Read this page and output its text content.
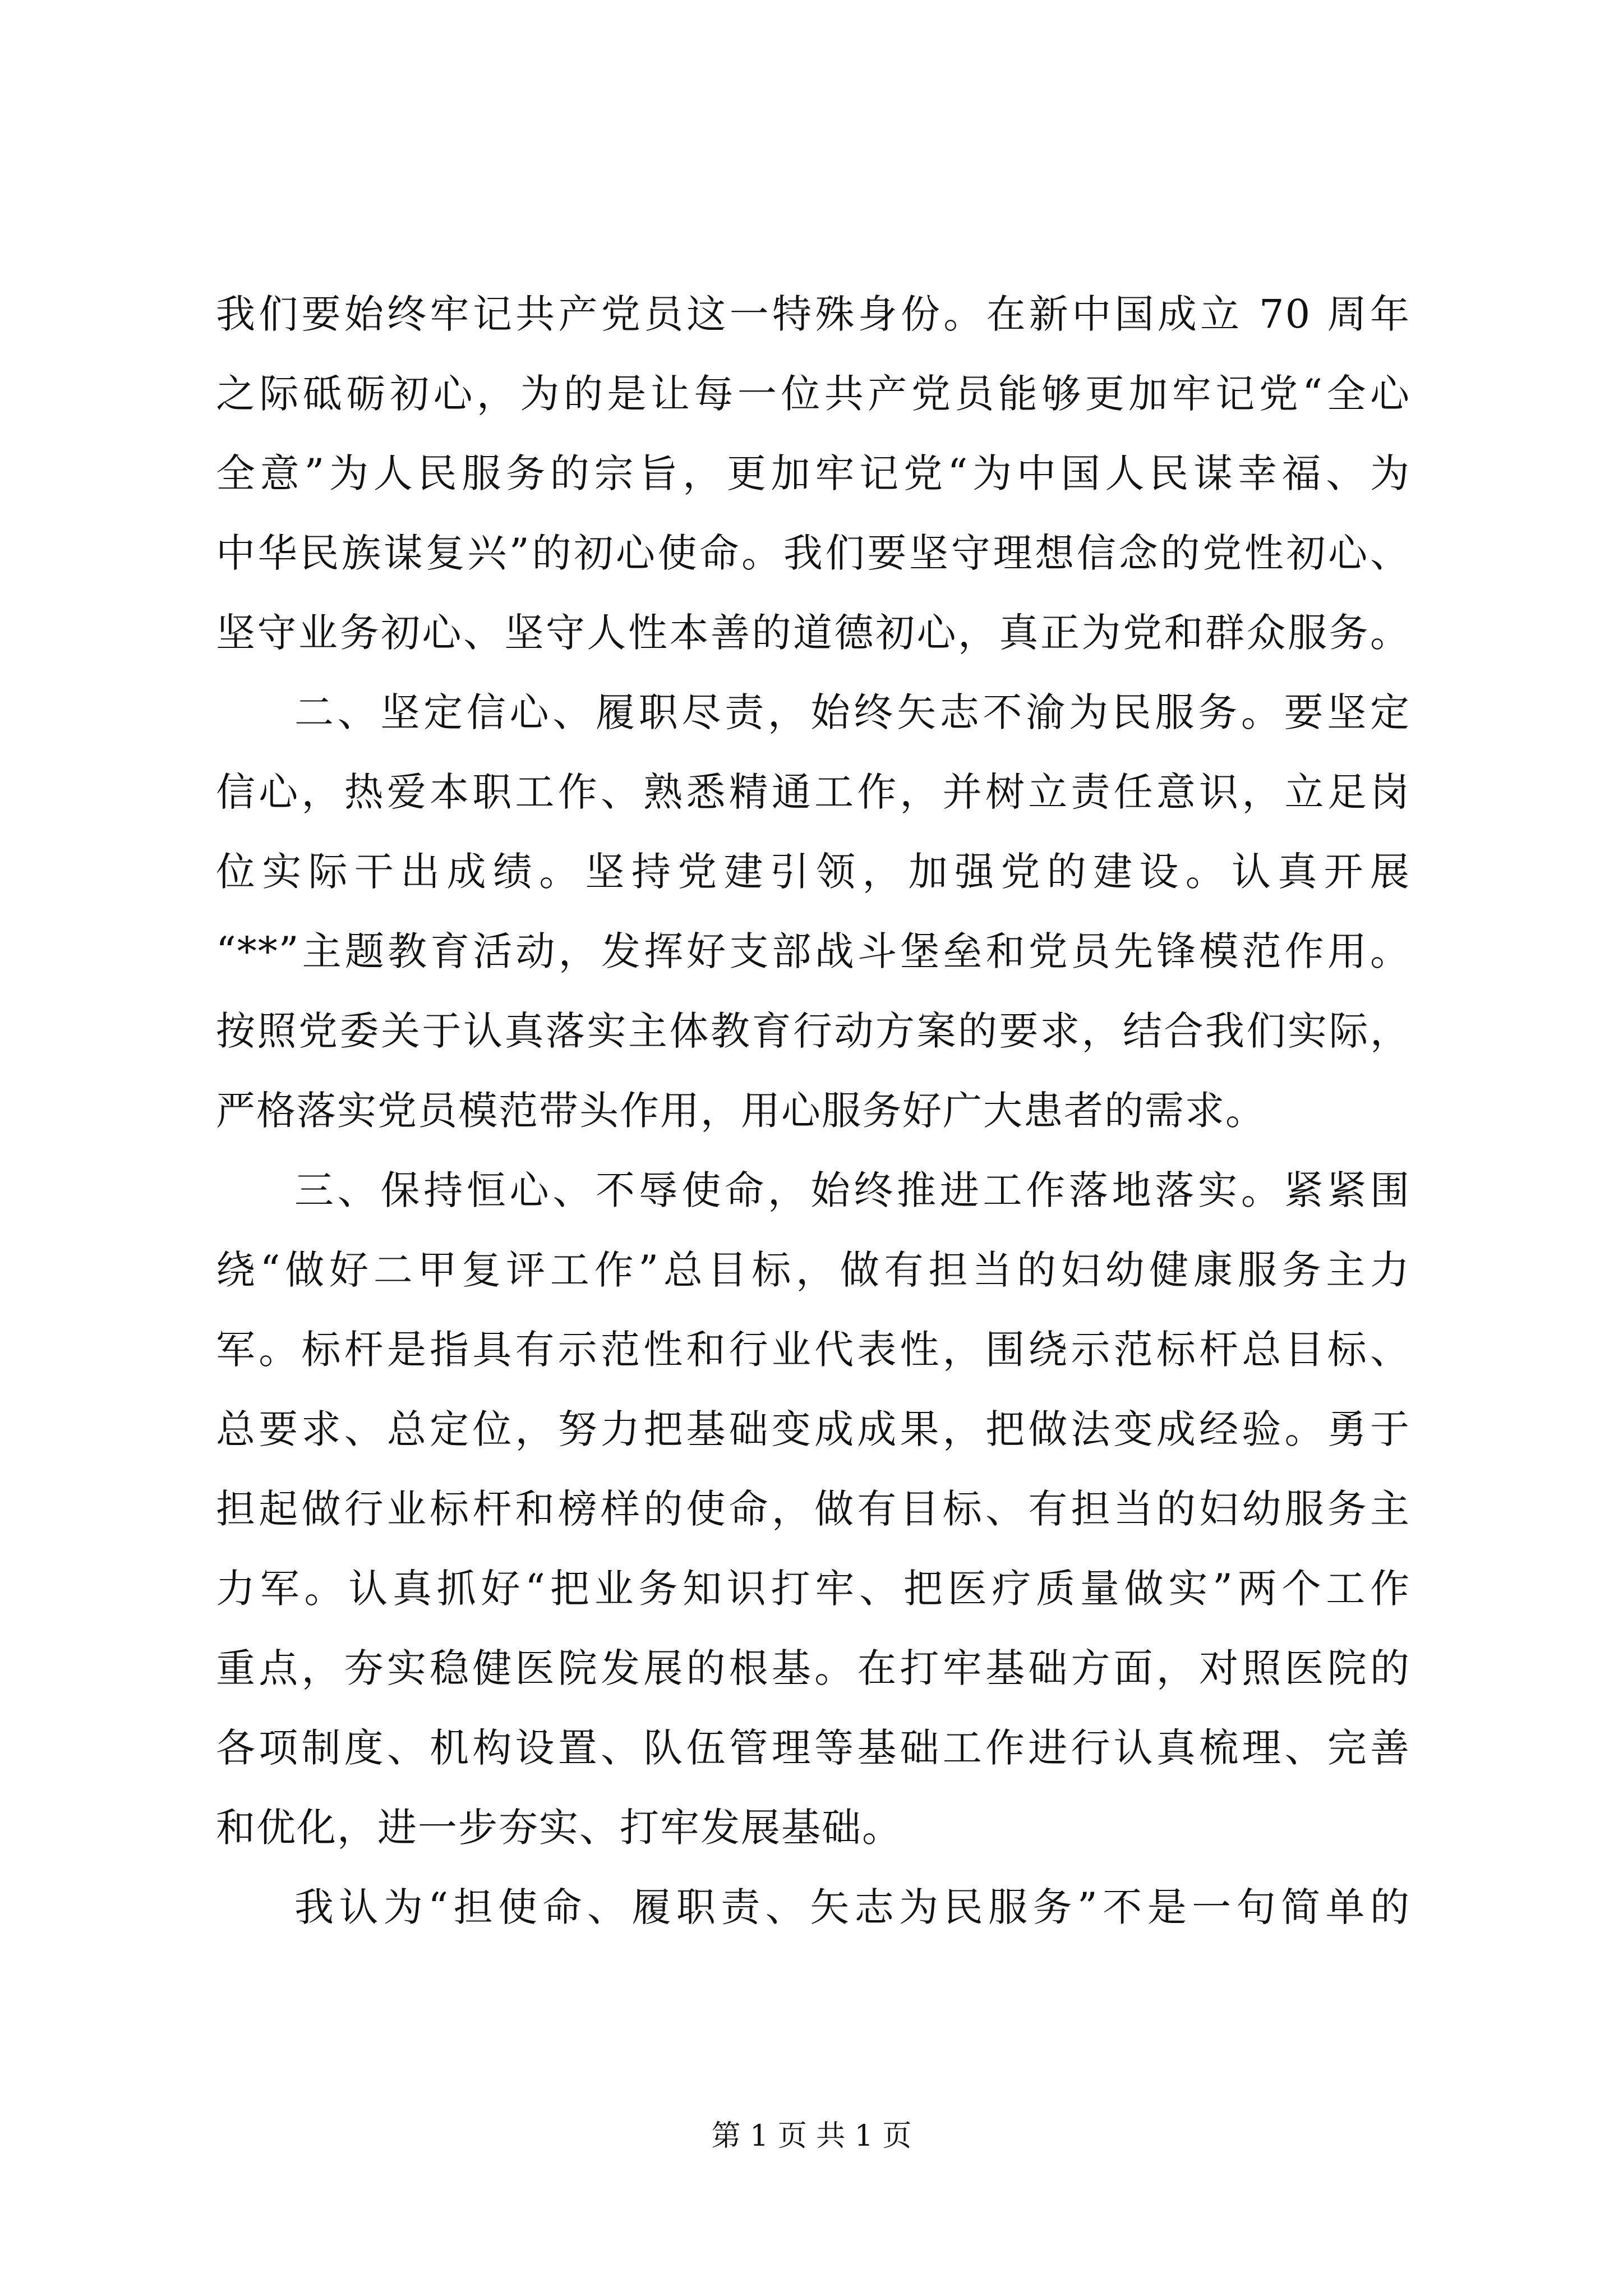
我们要始终牢记共产党员这一特殊身份。在新中国成立 70 周年
之际砥砺初心，为的是让每一位共产党员能够更加牢记党“全心
全意”为人民服务的宗旨，更加牢记党“为中国人民谋幸福、为
中华民族谋复兴”的初心使命。我们要坚守理想信念的党性初心、
坚守业务初心、坚守人性本善的道德初心，真正为党和群众服务。
二、坚定信心、履职尽责，始终矢志不渝为民服务。要坚定
信心，热爱本职工作、熟悉精通工作，并树立责任意识，立足岗
位实际干出成绩。坚持党建引领，加强党的建设。认真开展
“**”主题教育活动，发挥好支部战斗堡垒和党员先锋模范作用。
按照党委关于认真落实主体教育行动方案的要求，结合我们实际，
严格落实党员模范带头作用，用心服务好广大患者的需求。
三、保持恒心、不辱使命，始终推进工作落地落实。紧紧围
绕“做好二甲复评工作”总目标，做有担当的妇幼健康服务主力
军。标杆是指具有示范性和行业代表性，围绕示范标杆总目标、
总要求、总定位，努力把基础变成成果，把做法变成经验。勇于
担起做行业标杆和榜样的使命，做有目标、有担当的妇幼服务主
力军。认真抓好“把业务知识打牢、把医疗质量做实”两个工作
重点，夯实稳健医院发展的根基。在打牢基础方面，对照医院的
各项制度、机构设置、队伍管理等基础工作进行认真梳理、完善
和优化，进一步夯实、打牢发展基础。
我认为“担使命、履职责、矢志为民服务”不是一句简单的
第 1 页 共 1 页
